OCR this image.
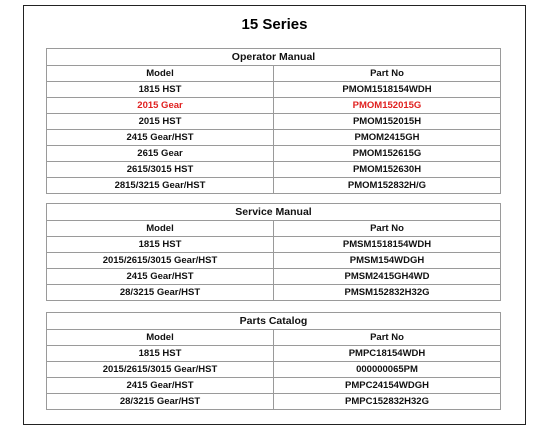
15 Series
Operator Manual	
Model	Part No
1815 HST	PMOM1518154WDH
2015 Gear	PMOM152015G
2015 HST	PMOM152015H
2415 Gear/HST	PMOM2415GH
2615 Gear	PMOM152615G
2615/3015 HST	PMOM152630H
2815/3215 Gear/HST	PMOM152832H/G
Service Manual	
Model	Part No
1815 HST	PMSM1518154WDH
2015/2615/3015 Gear/HST	PMSM154WDGH
2415 Gear/HST	PMSM2415GH4WD
28/3215 Gear/HST	PMSM152832H32G
Parts Catalog	
Model	Part No
1815 HST	PMPC18154WDH
2015/2615/3015 Gear/HST	000000065PM
2415 Gear/HST	PMPC24154WDGH
28/3215 Gear/HST	PMPC152832H32G
